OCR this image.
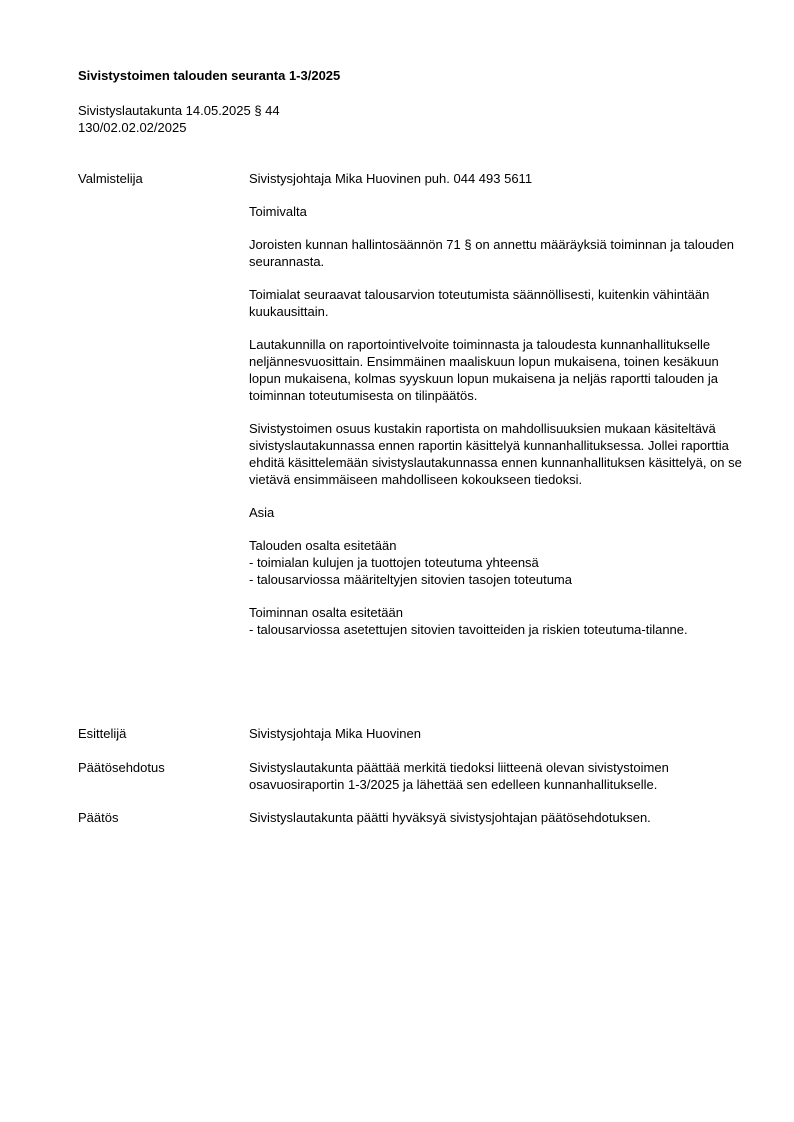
Sivistystoimen talouden seuranta 1-3/2025
Sivistyslautakunta 14.05.2025 § 44
130/02.02.02/2025
Valmistelija	Sivistysjohtaja Mika Huovinen puh. 044 493 5611

Toimivalta

Joroisten kunnan hallintosäännön 71 § on annettu määräyksiä toiminnan ja talouden seurannasta.

Toimialat seuraavat talousarvion toteutumista säännöllisesti, kuitenkin vähintään kuukausittain.

Lautakunnilla on raportointivelvoite toiminnasta ja taloudesta kunnanhallitukselle neljännesvuosittain. Ensimmäinen maaliskuun lopun mukaisena, toinen kesäkuun lopun mukaisena, kolmas syyskuun lopun mukaisena ja neljäs raportti talouden ja toiminnan toteutumisesta on tilinpäätös.

Sivistystoimen osuus kustakin raportista on mahdollisuuksien mukaan käsiteltävä sivistyslautakunnassa ennen raportin käsittelyä kunnanhallituksessa. Jollei raporttia ehditä käsittelemään sivistyslautakunnassa ennen kunnanhallituksen käsittelyä, on se vietävä ensimmäiseen mahdolliseen kokoukseen tiedoksi.

Asia

Talouden osalta esitetään
- toimialan kulujen ja tuottojen toteutuma yhteensä
- talousarviossa määriteltyjen sitovien tasojen toteutuma

Toiminnan osalta esitetään
- talousarviossa asetettujen sitovien tavoitteiden ja riskien toteutuma-tilanne.

Esittelijä	Sivistysjohtaja Mika Huovinen
Päätösehdotus	Sivistyslautakunta päättää merkitä tiedoksi liitteenä olevan sivistystoimen osavuosiraportin 1-3/2025 ja lähettää sen edelleen kunnanhallitukselle.
Päätös	Sivistyslautakunta päätti hyväksyä sivistysjohtajan päätösehdotuksen.
